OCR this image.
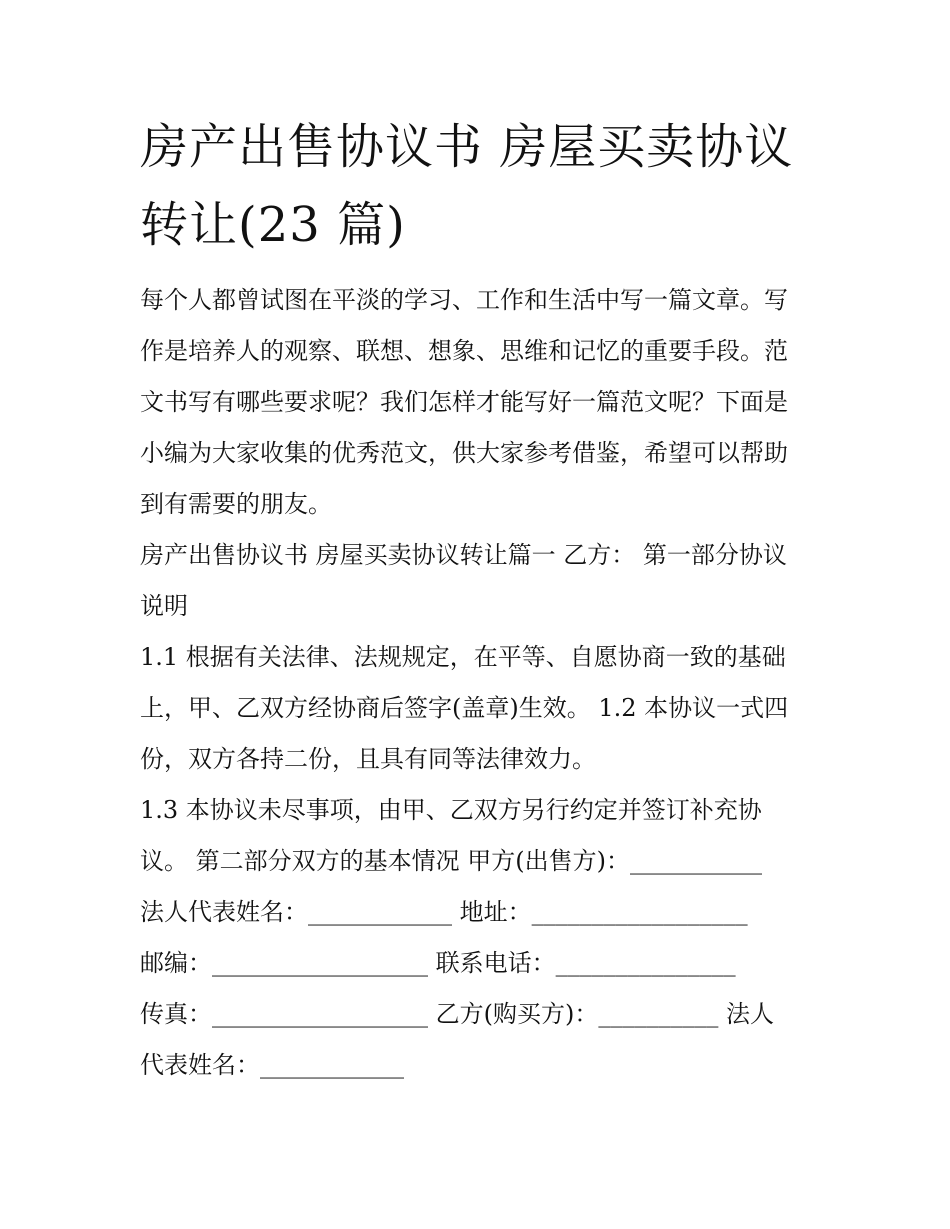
房产出售协议书 房屋买卖协议
转让(23 篇)
每个人都曾试图在平淡的学习、工作和生活中写一篇文章。写
作是培养人的观察、联想、想象、思维和记忆的重要手段。范
文书写有哪些要求呢？我们怎样才能写好一篇范文呢？下面是
小编为大家收集的优秀范文，供大家参考借鉴，希望可以帮助
到有需要的朋友。
房产出售协议书 房屋买卖协议转让篇一 乙方： 第一部分协议
说明
1.1 根据有关法律、法规规定，在平等、自愿协商一致的基础
上，甲、乙双方经协商后签字(盖章)生效。 1.2 本协议一式四
份，双方各持二份，且具有同等法律效力。
1.3 本协议未尽事项，由甲、乙双方另行约定并签订补充协
议。 第二部分双方的基本情况 甲方(出售方)：___________
法人代表姓名：____________ 地址：__________________
邮编：__________________ 联系电话：_______________
传真：__________________ 乙方(购买方)：__________ 法人
代表姓名：____________
